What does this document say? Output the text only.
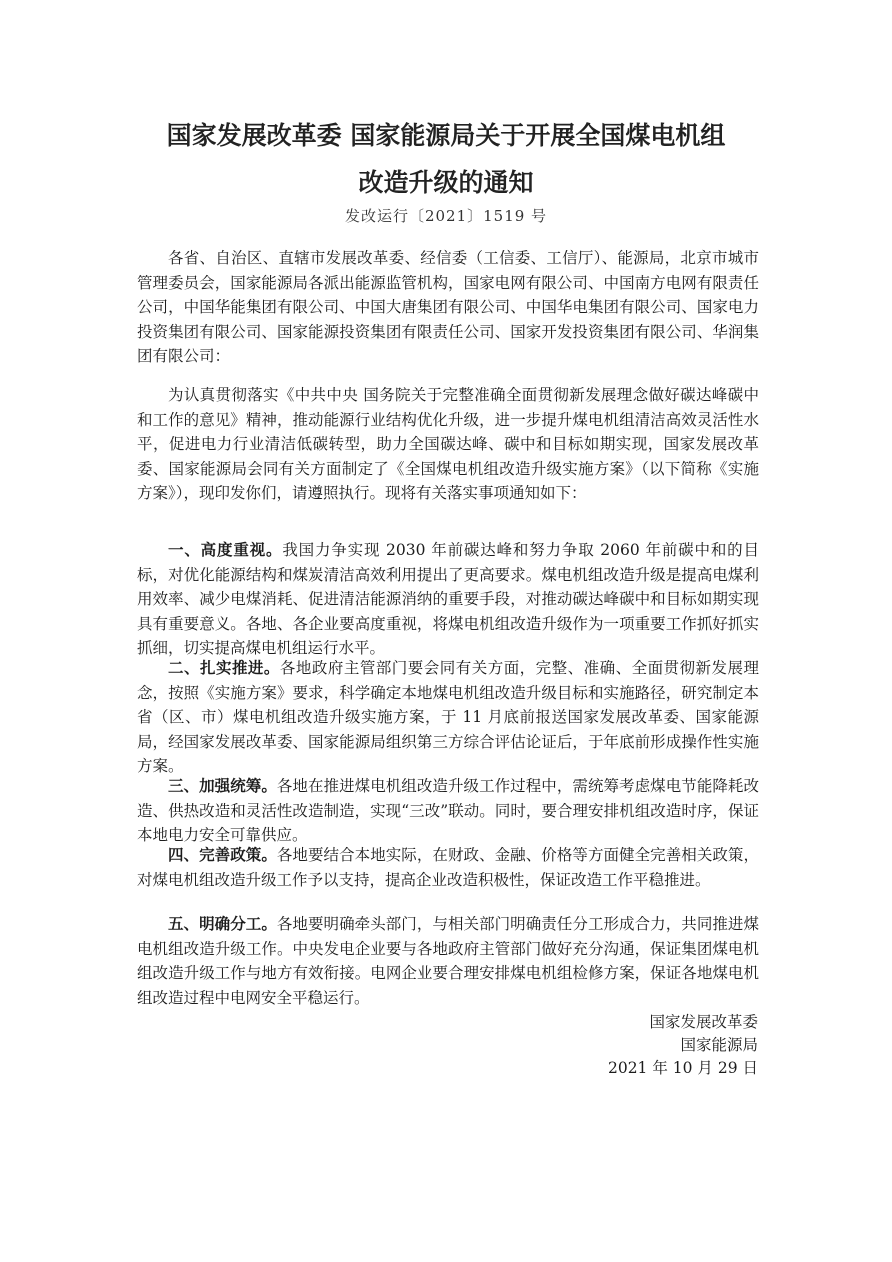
国家发展改革委 国家能源局关于开展全国煤电机组
改造升级的通知
发改运行〔2021〕1519 号

各省、自治区、直辖市发展改革委、经信委（工信委、工信厅）、能源局，北京市城市管理委员会，国家能源局各派出能源监管机构，国家电网有限公司、中国南方电网有限责任公司，中国华能集团有限公司、中国大唐集团有限公司、中国华电集团有限公司、国家电力投资集团有限公司、国家能源投资集团有限责任公司、国家开发投资集团有限公司、华润集团有限公司：

为认真贯彻落实《中共中央 国务院关于完整准确全面贯彻新发展理念做好碳达峰碳中和工作的意见》精神，推动能源行业结构优化升级，进一步提升煤电机组清洁高效灵活性水平，促进电力行业清洁低碳转型，助力全国碳达峰、碳中和目标如期实现，国家发展改革委、国家能源局会同有关方面制定了《全国煤电机组改造升级实施方案》（以下简称《实施方案》），现印发你们，请遵照执行。现将有关落实事项通知如下：

一、高度重视。我国力争实现 2030 年前碳达峰和努力争取 2060 年前碳中和的目标，对优化能源结构和煤炭清洁高效利用提出了更高要求。煤电机组改造升级是提高电煤利用效率、减少电煤消耗、促进清洁能源消纳的重要手段，对推动碳达峰碳中和目标如期实现具有重要意义。各地、各企业要高度重视，将煤电机组改造升级作为一项重要工作抓好抓实抓细，切实提高煤电机组运行水平。

二、扎实推进。各地政府主管部门要会同有关方面，完整、准确、全面贯彻新发展理念，按照《实施方案》要求，科学确定本地煤电机组改造升级目标和实施路径，研究制定本省（区、市）煤电机组改造升级实施方案，于 11 月底前报送国家发展改革委、国家能源局，经国家发展改革委、国家能源局组织第三方综合评估论证后，于年底前形成操作性实施方案。

三、加强统筹。各地在推进煤电机组改造升级工作过程中，需统筹考虑煤电节能降耗改造、供热改造和灵活性改造制造，实现“三改”联动。同时，要合理安排机组改造时序，保证本地电力安全可靠供应。

四、完善政策。各地要结合本地实际，在财政、金融、价格等方面健全完善相关政策，对煤电机组改造升级工作予以支持，提高企业改造积极性，保证改造工作平稳推进。

五、明确分工。各地要明确牵头部门，与相关部门明确责任分工形成合力，共同推进煤电机组改造升级工作。中央发电企业要与各地政府主管部门做好充分沟通，保证集团煤电机组改造升级工作与地方有效衔接。电网企业要合理安排煤电机组检修方案，保证各地煤电机组改造过程中电网安全平稳运行。

国家发展改革委
国家能源局
2021 年 10 月 29 日
